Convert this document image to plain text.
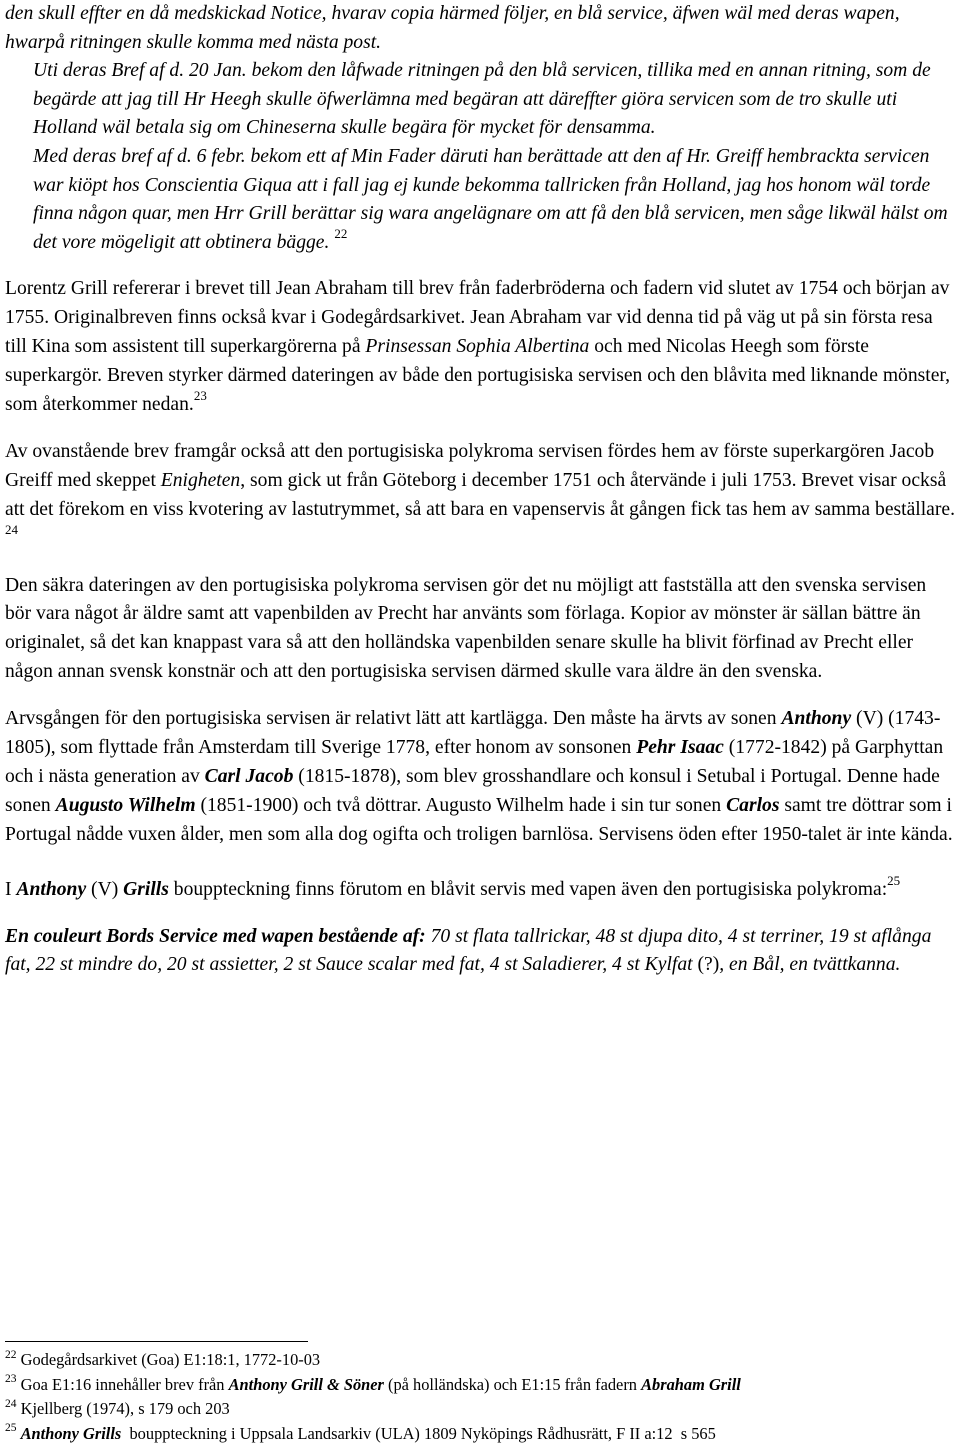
den skull effter en då medskickad Notice, hvarav copia härmed följer, en blå service, äfwen wäl med deras wapen, hwarpå ritningen skulle komma med nästa post.

Uti deras Bref af d. 20 Jan. bekom den låfwade ritningen på den blå servicen, tillika med en annan ritning, som de begärde att jag till Hr Heegh skulle öfwerlämna med begäran att däreffter giöra servicen som de tro skulle uti Holland wäl betala sig om Chineserna skulle begära för mycket för densamma.

Med deras bref af d. 6 febr. bekom ett af Min Fader däruti han berättade att den af Hr. Greiff hembrackta servicen war kiöpt hos Conscientia Giqua att i fall jag ej kunde bekomma tallricken från Holland, jag hos honom wäl torde finna någon quar, men Hrr Grill berättar sig wara angelägnare om att få den blå servicen, men såge likwäl hälst om det vore mögeligit att obtinera bägge. $^{22}$

Lorentz Grill refererar i brevet till Jean Abraham till brev från faderbröderna och fadern vid slutet av 1754 och början av 1755. Originalbreven finns också kvar i Godegårdsarkivet. Jean Abraham var vid denna tid på väg ut på sin första resa till Kina som assistent till superkargörerna på Prinsessan Sophia Albertina och med Nicolas Heegh som förste superkargör. Breven styrker därmed dateringen av både den portugisiska servisen och den blåvita med liknande mönster, som återkommer nedan.$^{23}$

Av ovanstående brev framgår också att den portugisiska polykroma servisen fördes hem av förste superkargören Jacob Greiff med skeppet Enigheten, som gick ut från Göteborg i december 1751 och återvände i juli 1753. Brevet visar också att det förekom en viss kvotering av lastutrymmet, så att bara en vapenservis åt gången fick tas hem av samma beställare. $^{24}$

Den säkra dateringen av den portugisiska polykroma servisen gör det nu möjligt att fastställa att den svenska servisen bör vara något år äldre samt att vapenbilden av Precht har använts som förlaga. Kopior av mönster är sällan bättre än originalet, så det kan knappast vara så att den holländska vapenbilden senare skulle ha blivit förfinad av Precht eller någon annan svensk konstnär och att den portugisiska servisen därmed skulle vara äldre än den svenska.

Arvsgången för den portugisiska servisen är relativt lätt att kartlägga. Den måste ha ärvts av sonen Anthony (V) (1743-1805), som flyttade från Amsterdam till Sverige 1778, efter honom av sonsonen Pehr Isaac (1772-1842) på Garphyttan och i nästa generation av Carl Jacob (1815-1878), som blev grosshandlare och konsul i Setubal i Portugal. Denne hade sonen Augusto Wilhelm (1851-1900) och två döttrar. Augusto Wilhelm hade i sin tur sonen Carlos samt tre döttrar som i Portugal nådde vuxen ålder, men som alla dog ogifta och troligen barnlösa. Servisens öden efter 1950-talet är inte kända.

I Anthony (V) Grills bouppteckning finns förutom en blåvit servis med vapen även den portugisiska polykroma:$^{25}$

En couleurt Bords Service med wapen bestående af: 70 st flata tallrickar, 48 st djupa dito, 4 st terriner, 19 st aflånga fat, 22 st mindre do, 20 st assietter, 2 st Sauce scalar med fat, 4 st Saladierer, 4 st Kylfat (?), en Bål, en tvättkanna.

$^{22}$ Godegårdsarkivet (Goa) E1:18:1, 1772-10-03

$^{23}$ Goa E1:16 innehåller brev från Anthony Grill & Söner (på holländska) och E1:15 från fadern Abraham Grill

$^{24}$ Kjellberg (1974), s 179 och 203

$^{25}$ Anthony Grills  bouppteckning i Uppsala Landsarkiv (ULA) 1809 Nyköpings Rådhusrätt, F II a:12  s 565
